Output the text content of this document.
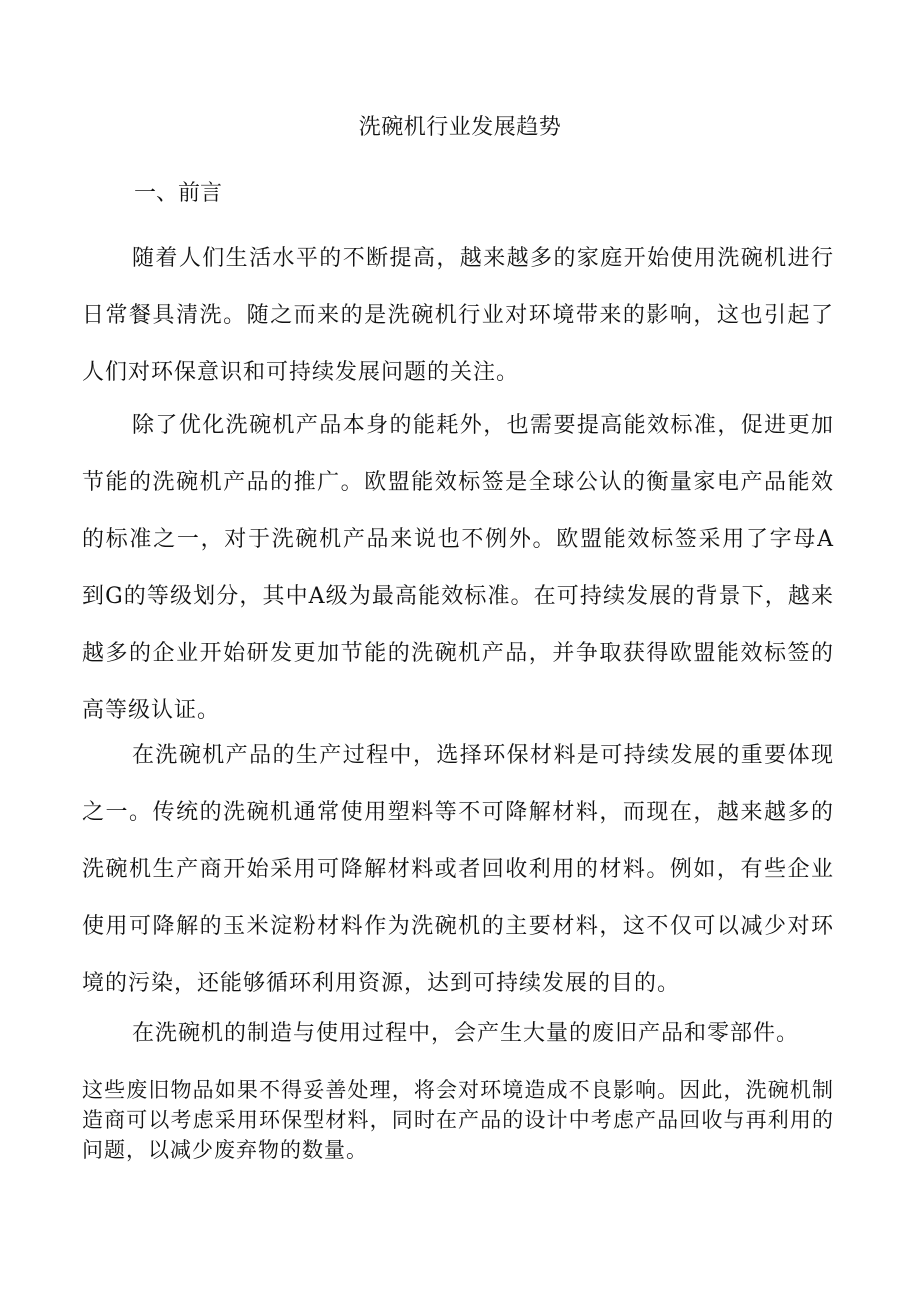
洗碗机行业发展趋势
一、前言

随着人们生活水平的不断提高，越来越多的家庭开始使用洗碗机进行日常餐具清洗。随之而来的是洗碗机行业对环境带来的影响，这也引起了人们对环保意识和可持续发展问题的关注。

除了优化洗碗机产品本身的能耗外，也需要提高能效标准，促进更加节能的洗碗机产品的推广。欧盟能效标签是全球公认的衡量家电产品能效的标准之一，对于洗碗机产品来说也不例外。欧盟能效标签采用了字母A到G的等级划分，其中A级为最高能效标准。在可持续发展的背景下，越来越多的企业开始研发更加节能的洗碗机产品，并争取获得欧盟能效标签的高等级认证。

在洗碗机产品的生产过程中，选择环保材料是可持续发展的重要体现之一。传统的洗碗机通常使用塑料等不可降解材料，而现在，越来越多的洗碗机生产商开始采用可降解材料或者回收利用的材料。例如，有些企业使用可降解的玉米淀粉材料作为洗碗机的主要材料，这不仅可以减少对环境的污染，还能够循环利用资源，达到可持续发展的目的。

在洗碗机的制造与使用过程中，会产生大量的废旧产品和零部件。

这些废旧物品如果不得妥善处理，将会对环境造成不良影响。因此，洗碗机制造商可以考虑采用环保型材料，同时在产品的设计中考虑产品回收与再利用的问题，以减少废弃物的数量。
